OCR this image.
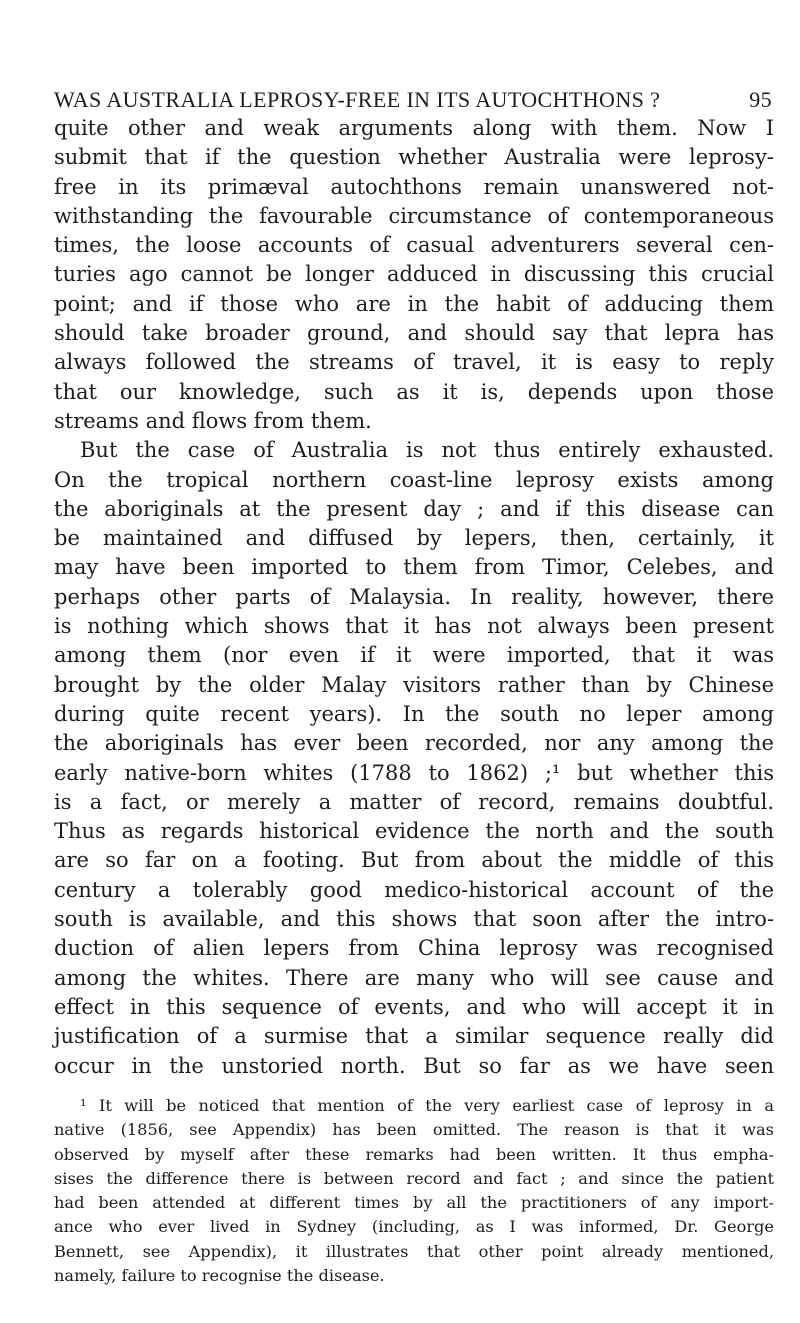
WAS AUSTRALIA LEPROSY-FREE IN ITS AUTOCHTHONS ?	95
quite other and weak arguments along with them. Now I
submit that if the question whether Australia were leprosy-
free in its primæval autochthons remain unanswered not-
withstanding the favourable circumstance of contemporaneous
times, the loose accounts of casual adventurers several cen-
turies ago cannot be longer adduced in discussing this crucial
point; and if those who are in the habit of adducing them
should take broader ground, and should say that lepra has
always followed the streams of travel, it is easy to reply
that our knowledge, such as it is, depends upon those
streams and flows from them.
But the case of Australia is not thus entirely exhausted.
On the tropical northern coast-line leprosy exists among
the aboriginals at the present day ; and if this disease can
be maintained and diffused by lepers, then, certainly, it
may have been imported to them from Timor, Celebes, and
perhaps other parts of Malaysia. In reality, however, there
is nothing which shows that it has not always been present
among them (nor even if it were imported, that it was
brought by the older Malay visitors rather than by Chinese
during quite recent years). In the south no leper among
the aboriginals has ever been recorded, nor any among the
early native-born whites (1788 to 1862) ;¹ but whether this
is a fact, or merely a matter of record, remains doubtful.
Thus as regards historical evidence the north and the south
are so far on a footing. But from about the middle of this
century a tolerably good medico-historical account of the
south is available, and this shows that soon after the intro-
duction of alien lepers from China leprosy was recognised
among the whites. There are many who will see cause and
effect in this sequence of events, and who will accept it in
justification of a surmise that a similar sequence really did
occur in the unstoried north. But so far as we have seen
¹ It will be noticed that mention of the very earliest case of leprosy in a
native (1856, see Appendix) has been omitted. The reason is that it was
observed by myself after these remarks had been written. It thus empha-
sises the difference there is between record and fact ; and since the patient
had been attended at different times by all the practitioners of any import-
ance who ever lived in Sydney (including, as I was informed, Dr. George
Bennett, see Appendix), it illustrates that other point already mentioned,
namely, failure to recognise the disease.
